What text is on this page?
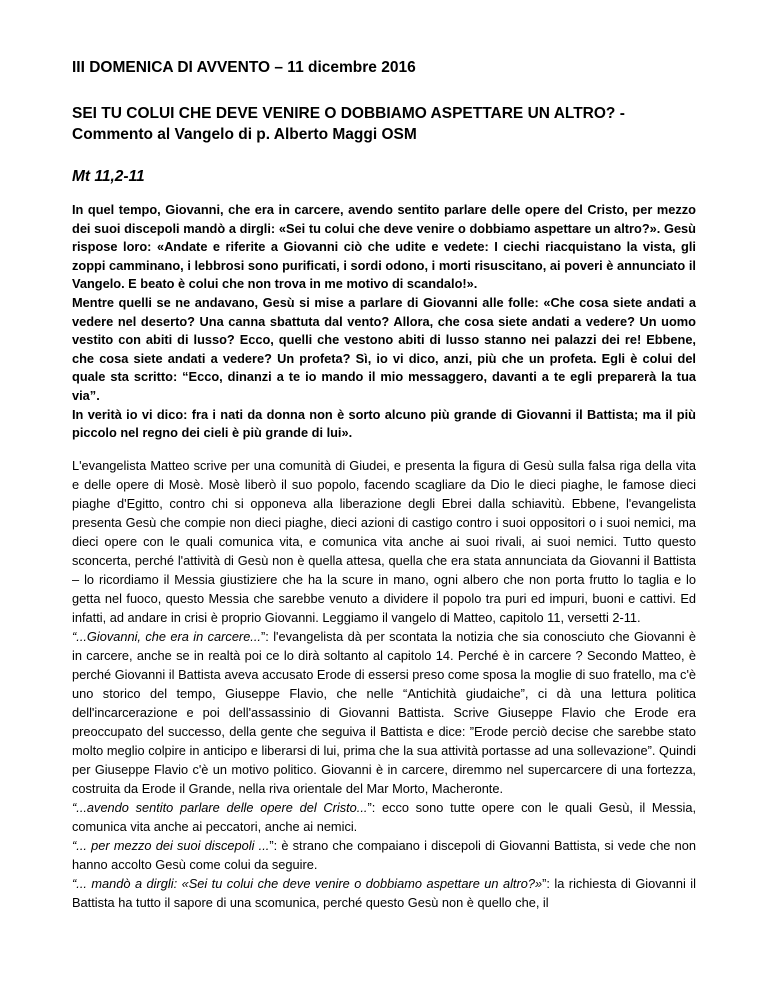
III DOMENICA DI AVVENTO – 11 dicembre 2016
SEI TU COLUI CHE DEVE VENIRE O DOBBIAMO ASPETTARE UN ALTRO? - Commento al Vangelo di p. Alberto Maggi OSM
Mt 11,2-11

In quel tempo, Giovanni, che era in carcere, avendo sentito parlare delle opere del Cristo, per mezzo dei suoi discepoli mandò a dirgli: «Sei tu colui che deve venire o dobbiamo aspettare un altro?». Gesù rispose loro: «Andate e riferite a Giovanni ciò che udite e vedete: I ciechi riacquistano la vista, gli zoppi camminano, i lebbrosi sono purificati, i sordi odono, i morti risuscitano, ai poveri è annunciato il Vangelo. E beato è colui che non trova in me motivo di scandalo!».

Mentre quelli se ne andavano, Gesù si mise a parlare di Giovanni alle folle: «Che cosa siete andati a vedere nel deserto? Una canna sbattuta dal vento? Allora, che cosa siete andati a vedere? Un uomo vestito con abiti di lusso? Ecco, quelli che vestono abiti di lusso stanno nei palazzi dei re! Ebbene, che cosa siete andati a vedere? Un profeta? Sì, io vi dico, anzi, più che un profeta. Egli è colui del quale sta scritto: “Ecco, dinanzi a te io mando il mio messaggero, davanti a te egli preparerà la tua via”.

In verità io vi dico: fra i nati da donna non è sorto alcuno più grande di Giovanni il Battista; ma il più piccolo nel regno dei cieli è più grande di lui».

L'evangelista Matteo scrive per una comunità di Giudei, e presenta la figura di Gesù sulla falsa riga della vita e delle opere di Mosè. Mosè liberò il suo popolo, facendo scagliare da Dio le dieci piaghe, le famose dieci piaghe d'Egitto, contro chi si opponeva alla liberazione degli Ebrei dalla schiavitù. Ebbene, l'evangelista presenta Gesù che compie non dieci piaghe, dieci azioni di castigo contro i suoi oppositori o i suoi nemici, ma dieci opere con le quali comunica vita, e comunica vita anche ai suoi rivali, ai suoi nemici. Tutto questo sconcerta, perché l'attività di Gesù non è quella attesa, quella che era stata annunciata da Giovanni il Battista – lo ricordiamo il Messia giustiziere che ha la scure in mano, ogni albero che non porta frutto lo taglia e lo getta nel fuoco, questo Messia che sarebbe venuto a dividere il popolo tra puri ed impuri, buoni e cattivi. Ed infatti, ad andare in crisi è proprio Giovanni. Leggiamo il vangelo di Matteo, capitolo 11, versetti 2-11.

“...Giovanni, che era in carcere...”: l'evangelista dà per scontata la notizia che sia conosciuto che Giovanni è in carcere, anche se in realtà poi ce lo dirà soltanto al capitolo 14. Perché è in carcere ? Secondo Matteo, è perché Giovanni il Battista aveva accusato Erode di essersi preso come sposa la moglie di suo fratello, ma c'è uno storico del tempo, Giuseppe Flavio, che nelle “Antichità giudaiche”, ci dà una lettura politica dell'incarcerazione e poi dell'assassinio di Giovanni Battista. Scrive Giuseppe Flavio che Erode era preoccupato del successo, della gente che seguiva il Battista e dice: ”Erode perciò decise che sarebbe stato molto meglio colpire in anticipo e liberarsi di lui, prima che la sua attività portasse ad una sollevazione”. Quindi per Giuseppe Flavio c'è un motivo politico. Giovanni è in carcere, diremmo nel supercarcere di una fortezza, costruita da Erode il Grande, nella riva orientale del Mar Morto, Macheronte.

“...avendo sentito parlare delle opere del Cristo...”: ecco sono tutte opere con le quali Gesù, il Messia, comunica vita anche ai peccatori, anche ai nemici.

“... per mezzo dei suoi discepoli ...”: è strano che compaiano i discepoli di Giovanni Battista, si vede che non hanno accolto Gesù come colui da seguire.

“... mandò a dirgli: «Sei tu colui che deve venire o dobbiamo aspettare un altro?»”: la richiesta di Giovanni il Battista ha tutto il sapore di una scomunica, perché questo Gesù non è quello che, il
